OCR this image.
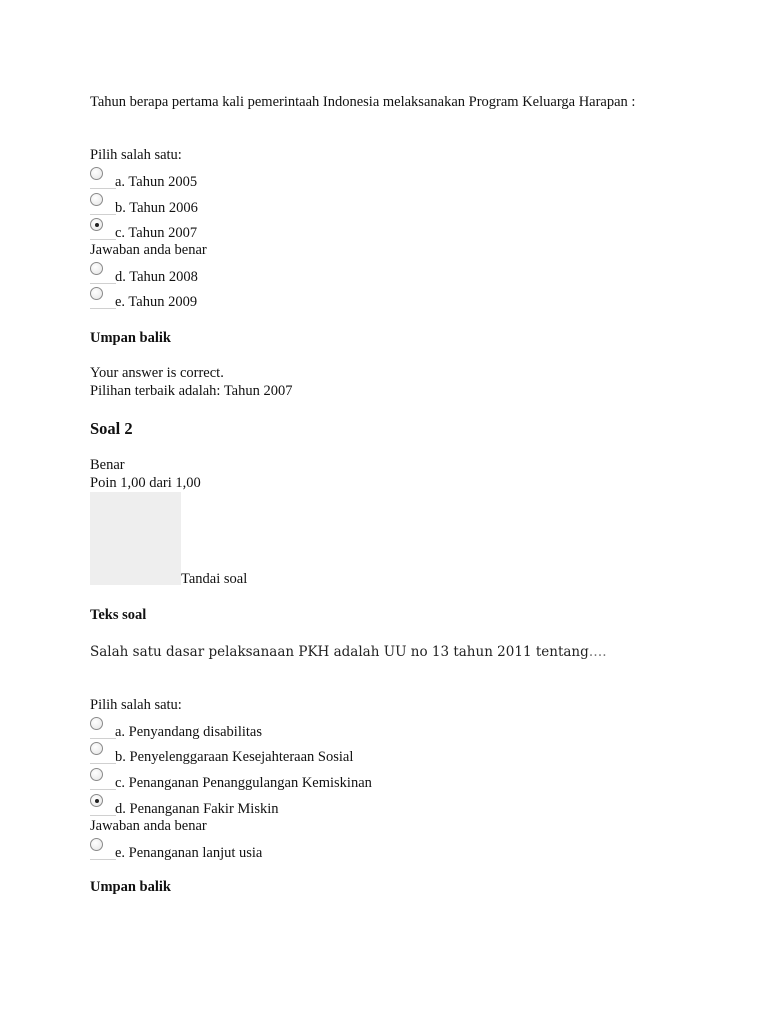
Tahun berapa pertama kali pemerintaah Indonesia melaksanakan Program Keluarga Harapan :
Pilih salah satu:
a. Tahun 2005
b. Tahun 2006
c. Tahun 2007
Jawaban anda benar
d. Tahun 2008
e. Tahun 2009
Umpan balik
Your answer is correct.
Pilihan terbaik adalah: Tahun 2007
Soal 2
Benar
Poin 1,00 dari 1,00
Tandai soal
Teks soal
Salah satu dasar pelaksanaan PKH adalah UU no 13 tahun 2011 tentang….
Pilih salah satu:
a. Penyandang disabilitas
b. Penyelenggaraan Kesejahteraan Sosial
c. Penanganan Penanggulangan Kemiskinan
d. Penanganan Fakir Miskin
Jawaban anda benar
e. Penanganan lanjut usia
Umpan balik
